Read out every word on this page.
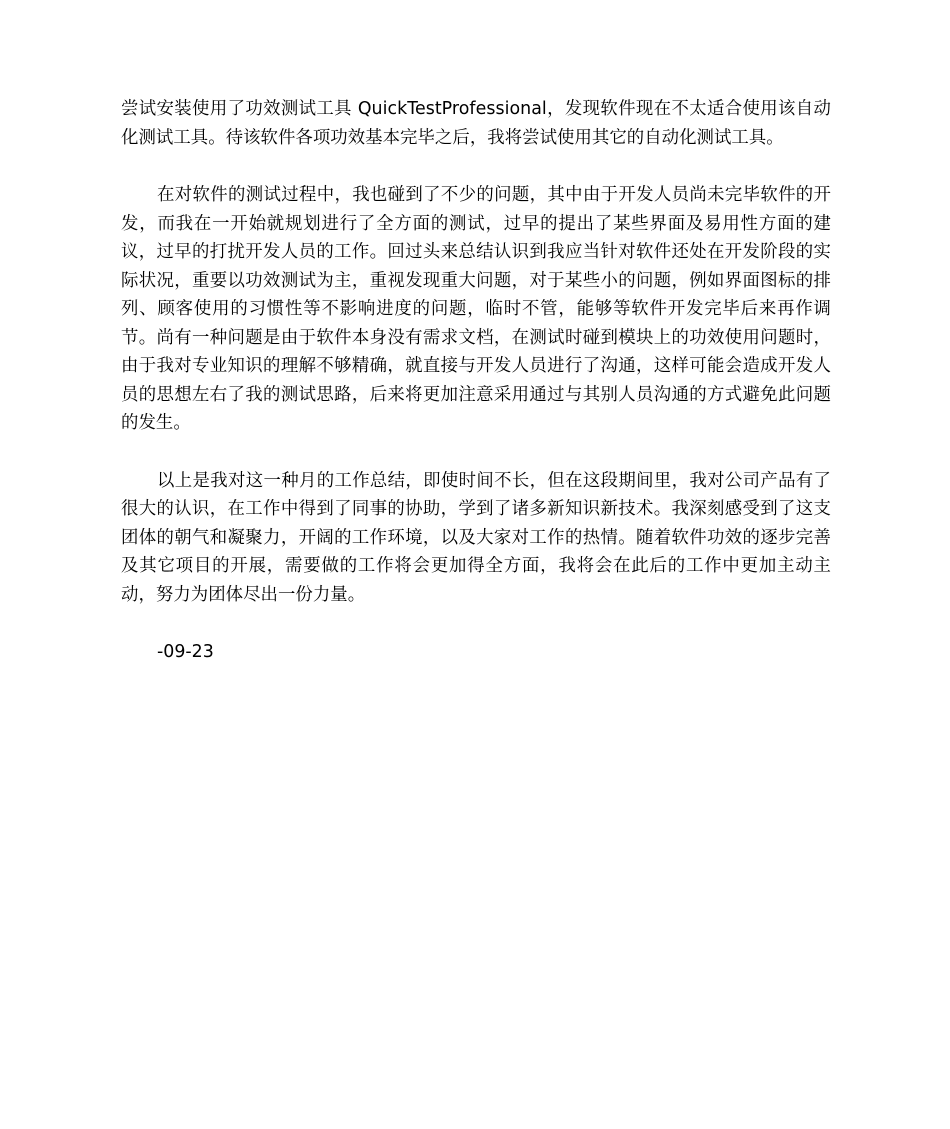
尝试安装使用了功效测试工具 QuickTestProfessional，发现软件现在不太适合使用该自动化测试工具。待该软件各项功效基本完毕之后，我将尝试使用其它的自动化测试工具。

在对软件的测试过程中，我也碰到了不少的问题，其中由于开发人员尚未完毕软件的开发，而我在一开始就规划进行了全方面的测试，过早的提出了某些界面及易用性方面的建议，过早的打扰开发人员的工作。回过头来总结认识到我应当针对软件还处在开发阶段的实际状况，重要以功效测试为主，重视发现重大问题，对于某些小的问题，例如界面图标的排列、顾客使用的习惯性等不影响进度的问题，临时不管，能够等软件开发完毕后来再作调节。尚有一种问题是由于软件本身没有需求文档，在测试时碰到模块上的功效使用问题时，由于我对专业知识的理解不够精确，就直接与开发人员进行了沟通，这样可能会造成开发人员的思想左右了我的测试思路，后来将更加注意采用通过与其别人员沟通的方式避免此问题的发生。

以上是我对这一种月的工作总结，即使时间不长，但在这段期间里，我对公司产品有了很大的认识，在工作中得到了同事的协助，学到了诸多新知识新技术。我深刻感受到了这支团体的朝气和凝聚力，开阔的工作环境，以及大家对工作的热情。随着软件功效的逐步完善及其它项目的开展，需要做的工作将会更加得全方面，我将会在此后的工作中更加主动主动，努力为团体尽出一份力量。

-09-23
